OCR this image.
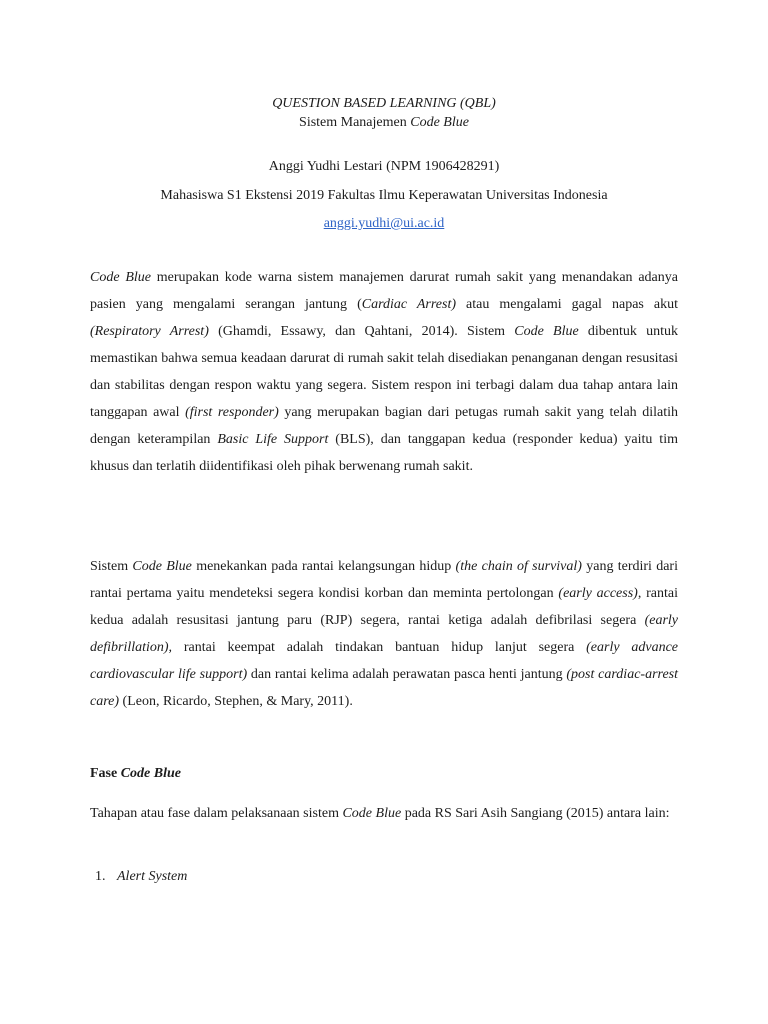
QUESTION BASED LEARNING (QBL)
Sistem Manajemen Code Blue
Anggi Yudhi Lestari (NPM 1906428291)
Mahasiswa S1 Ekstensi 2019 Fakultas Ilmu Keperawatan Universitas Indonesia
anggi.yudhi@ui.ac.id
Code Blue merupakan kode warna sistem manajemen darurat rumah sakit yang menandakan adanya pasien yang mengalami serangan jantung (Cardiac Arrest) atau mengalami gagal napas akut (Respiratory Arrest) (Ghamdi, Essawy, dan Qahtani, 2014). Sistem Code Blue dibentuk untuk memastikan bahwa semua keadaan darurat di rumah sakit telah disediakan penanganan dengan resusitasi dan stabilitas dengan respon waktu yang segera. Sistem respon ini terbagi dalam dua tahap antara lain tanggapan awal (first responder) yang merupakan bagian dari petugas rumah sakit yang telah dilatih dengan keterampilan Basic Life Support (BLS), dan tanggapan kedua (responder kedua) yaitu tim khusus dan terlatih diidentifikasi oleh pihak berwenang rumah sakit.
Sistem Code Blue menekankan pada rantai kelangsungan hidup (the chain of survival) yang terdiri dari rantai pertama yaitu mendeteksi segera kondisi korban dan meminta pertolongan (early access), rantai kedua adalah resusitasi jantung paru (RJP) segera, rantai ketiga adalah defibrilasi segera (early defibrillation), rantai keempat adalah tindakan bantuan hidup lanjut segera (early advance cardiovascular life support) dan rantai kelima adalah perawatan pasca henti jantung (post cardiac-arrest care) (Leon, Ricardo, Stephen, & Mary, 2011).
Fase Code Blue
Tahapan atau fase dalam pelaksanaan sistem Code Blue pada RS Sari Asih Sangiang (2015) antara lain:
1. Alert System
